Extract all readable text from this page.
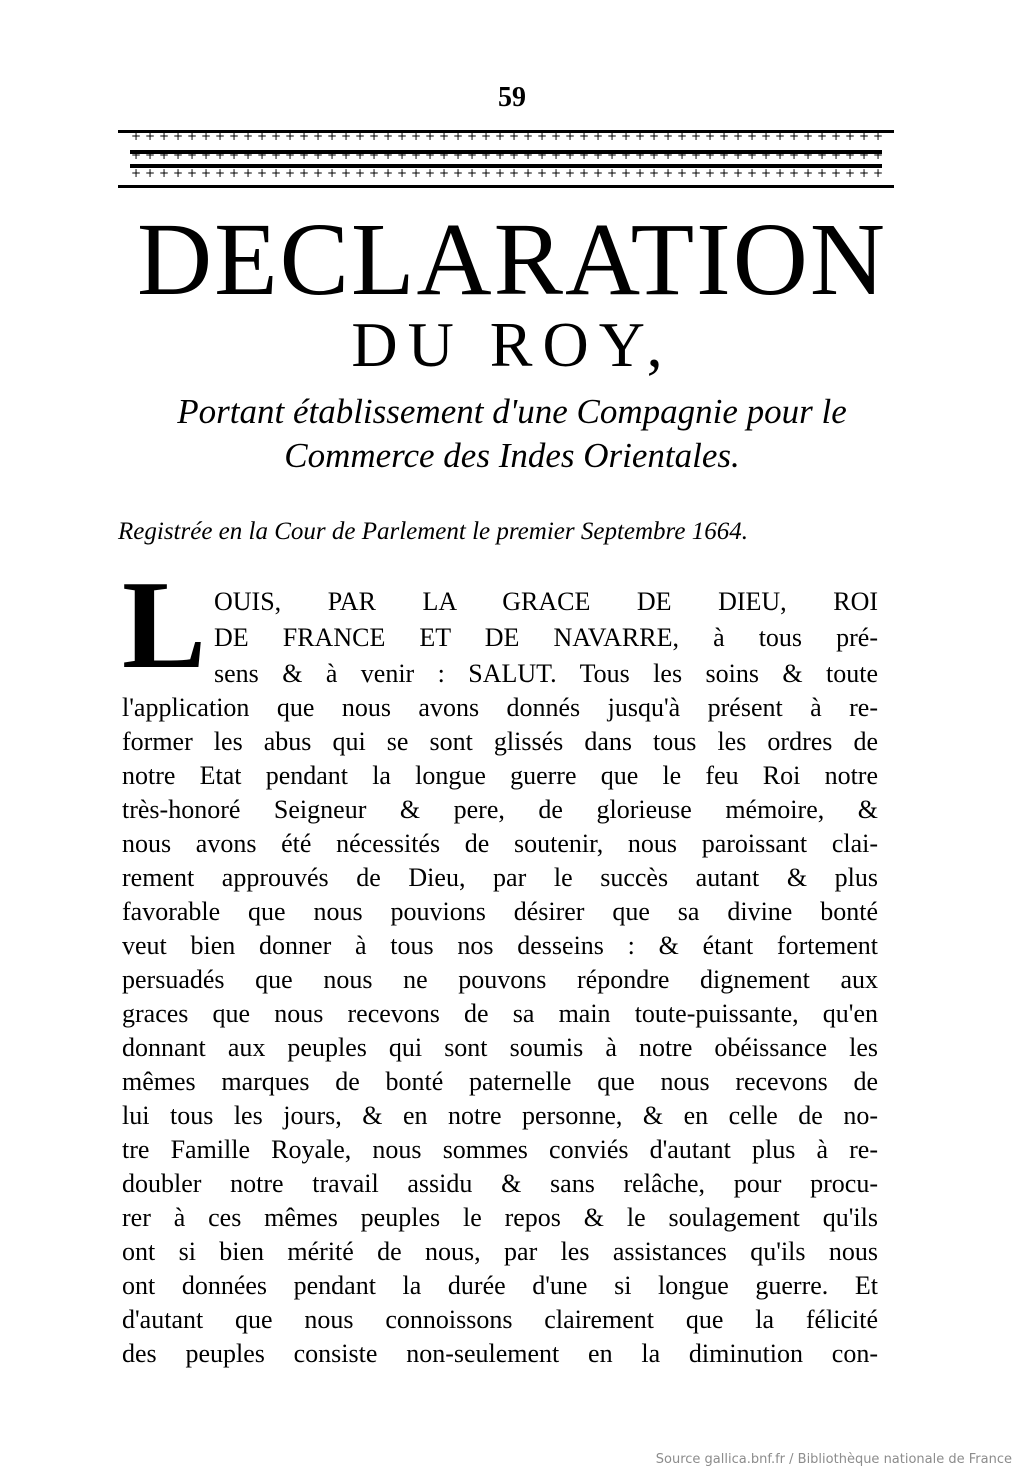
59
+
+
+
+
+
+
+
+
+
+
+
+
+
+
+
+
+
+
+
+
+
+
+
+
+
+
+
+
+
+
+
+
+
+
+
+
+
+
+
+
+
+
+
+
+
+
+
+
+
+
+
+
+
+
+
+
+
+
+
+
+
+
+
+
+
+
+
+
+
+
+
+
+
+
+
+
+
+
+
+
+
+
+
+
+
+
+
+
+
+
+
+
+
+
+
+
+
+
+
+
+
+
+
+
+
+
+
+
+
+
+
+
+
+
+
+
+
+
+
+
+
+
+
+
+
+
+
+
+
+
+
+
+
+
+
+
+
+
+
+
+
+
+
+
+
+
+
+
+
+
+
+
+
+
+
+
+
+
+
+
+
+
DECLARATION
DU ROY,
Portant établissement d'une Compagnie pour le
Commerce des Indes Orientales.
Registrée en la Cour de Parlement le premier Septembre 1664.
L OUIS, PAR LA GRACE DE DIEU, ROI
DE FRANCE ET DE NAVARRE, à tous pré-
sens & à venir : SALUT. Tous les soins & toute
l'application que nous avons donnés jusqu'à présent à re-
former les abus qui se sont glissés dans tous les ordres de
notre Etat pendant la longue guerre que le feu Roi notre
très-honoré Seigneur & pere, de glorieuse mémoire, &
nous avons été nécessités de soutenir, nous paroissant clai-
rement approuvés de Dieu, par le succès autant & plus
favorable que nous pouvions désirer que sa divine bonté
veut bien donner à tous nos desseins : & étant fortement
persuadés que nous ne pouvons répondre dignement aux
graces que nous recevons de sa main toute-puissante, qu'en
donnant aux peuples qui sont soumis à notre obéissance les
mêmes marques de bonté paternelle que nous recevons de
lui tous les jours, & en notre personne, & en celle de no-
tre Famille Royale, nous sommes conviés d'autant plus à re-
doubler notre travail assidu & sans relâche, pour procu-
rer à ces mêmes peuples le repos & le soulagement qu'ils
ont si bien mérité de nous, par les assistances qu'ils nous
ont données pendant la durée d'une si longue guerre. Et
d'autant que nous connoissons clairement que la félicité
des peuples consiste non-seulement en la diminution con-
Source gallica.bnf.fr / Bibliothèque nationale de France
